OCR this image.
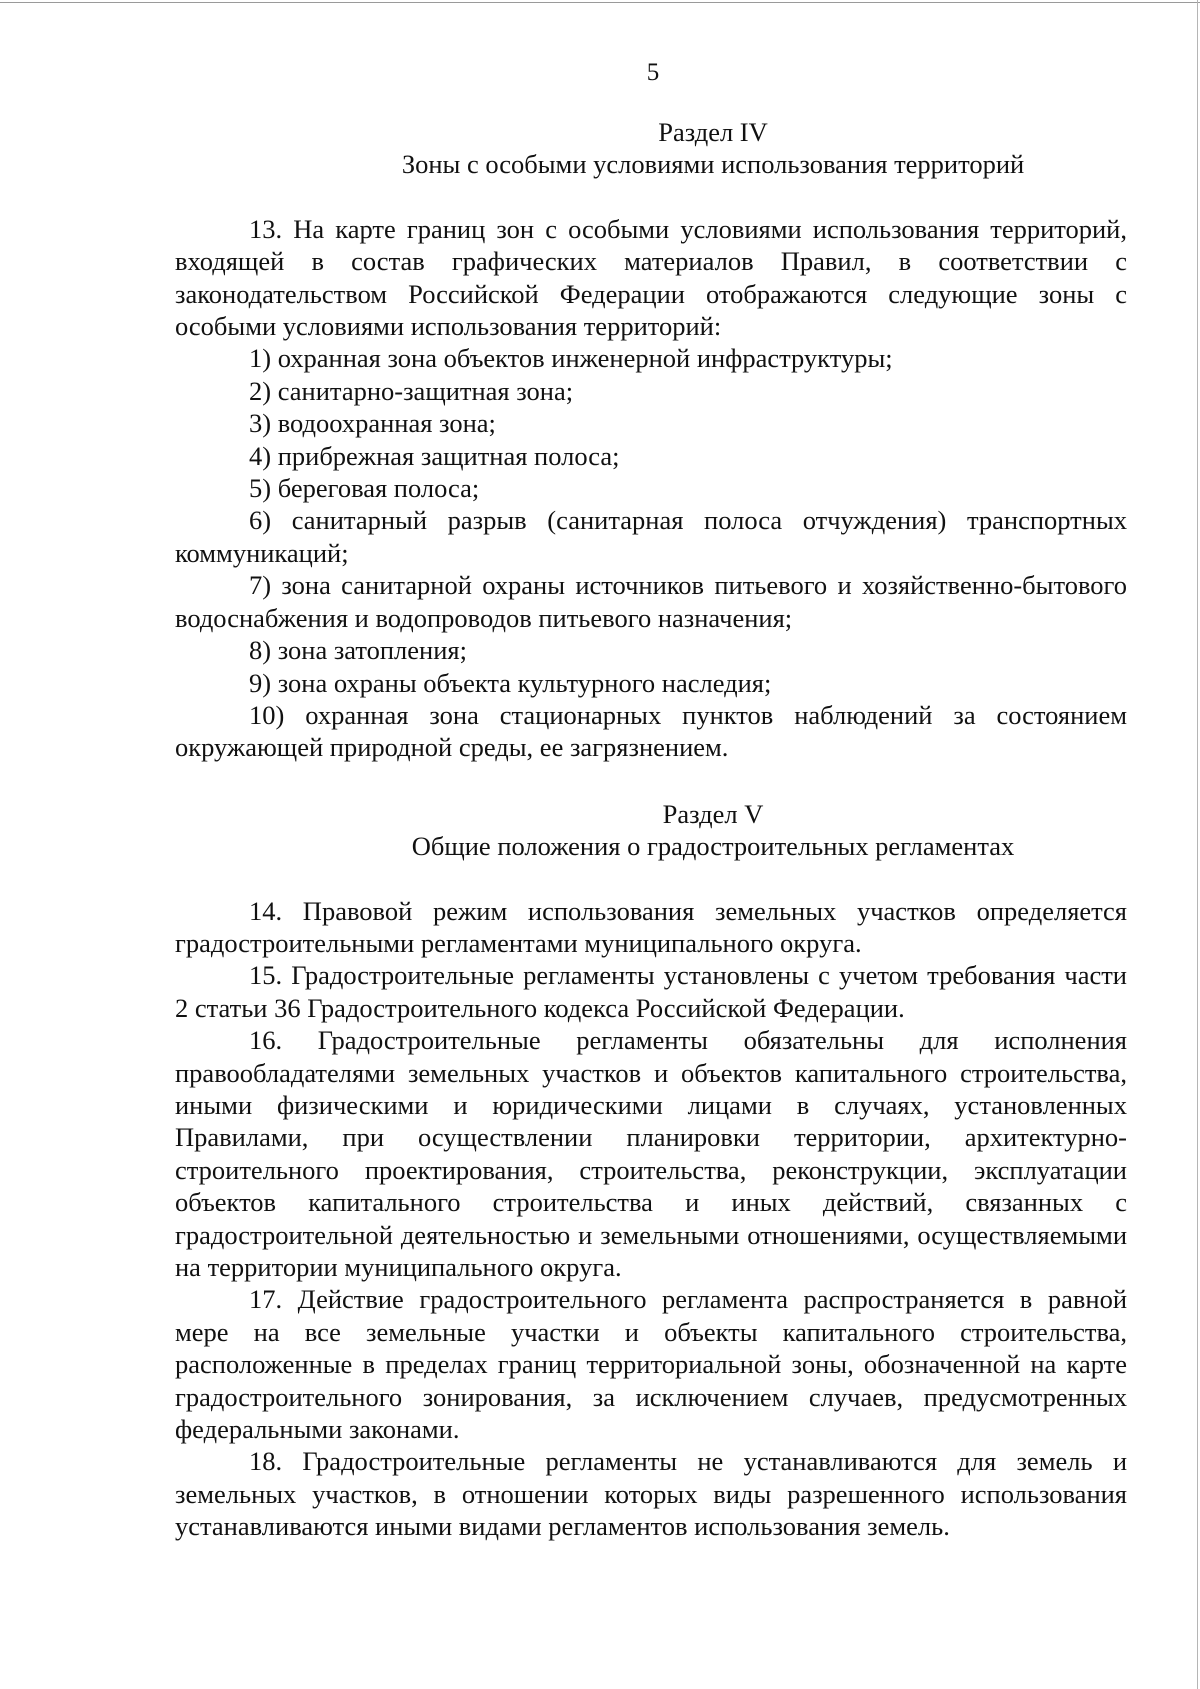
5

Раздел IV

Зоны с особыми условиями использования территорий

13. На карте границ зон с особыми условиями использования территорий, входящей в состав графических материалов Правил, в соответствии с законодательством Российской Федерации отображаются следующие зоны с особыми условиями использования территорий:

1) охранная зона объектов инженерной инфраструктуры;

2) санитарно-защитная зона;

3) водоохранная зона;

4) прибрежная защитная полоса;

5) береговая полоса;

6) санитарный разрыв (санитарная полоса отчуждения) транспортных коммуникаций;

7) зона санитарной охраны источников питьевого и хозяйственно-бытового водоснабжения и водопроводов питьевого назначения;

8) зона затопления;

9) зона охраны объекта культурного наследия;

10) охранная зона стационарных пунктов наблюдений за состоянием окружающей природной среды, ее загрязнением.

Раздел V

Общие положения о градостроительных регламентах

14. Правовой режим использования земельных участков определяется градостроительными регламентами муниципального округа.

15. Градостроительные регламенты установлены с учетом требования части 2 статьи 36 Градостроительного кодекса Российской Федерации.

16. Градостроительные регламенты обязательны для исполнения правообладателями земельных участков и объектов капитального строительства, иными физическими и юридическими лицами в случаях, установленных Правилами, при осуществлении планировки территории, архитектурно-строительного проектирования, строительства, реконструкции, эксплуатации объектов капитального строительства и иных действий, связанных с градостроительной деятельностью и земельными отношениями, осуществляемыми на территории муниципального округа.

17. Действие градостроительного регламента распространяется в равной мере на все земельные участки и объекты капитального строительства, расположенные в пределах границ территориальной зоны, обозначенной на карте градостроительного зонирования, за исключением случаев, предусмотренных федеральными законами.

18. Градостроительные регламенты не устанавливаются для земель и земельных участков, в отношении которых виды разрешенного использования устанавливаются иными видами регламентов использования земель.
